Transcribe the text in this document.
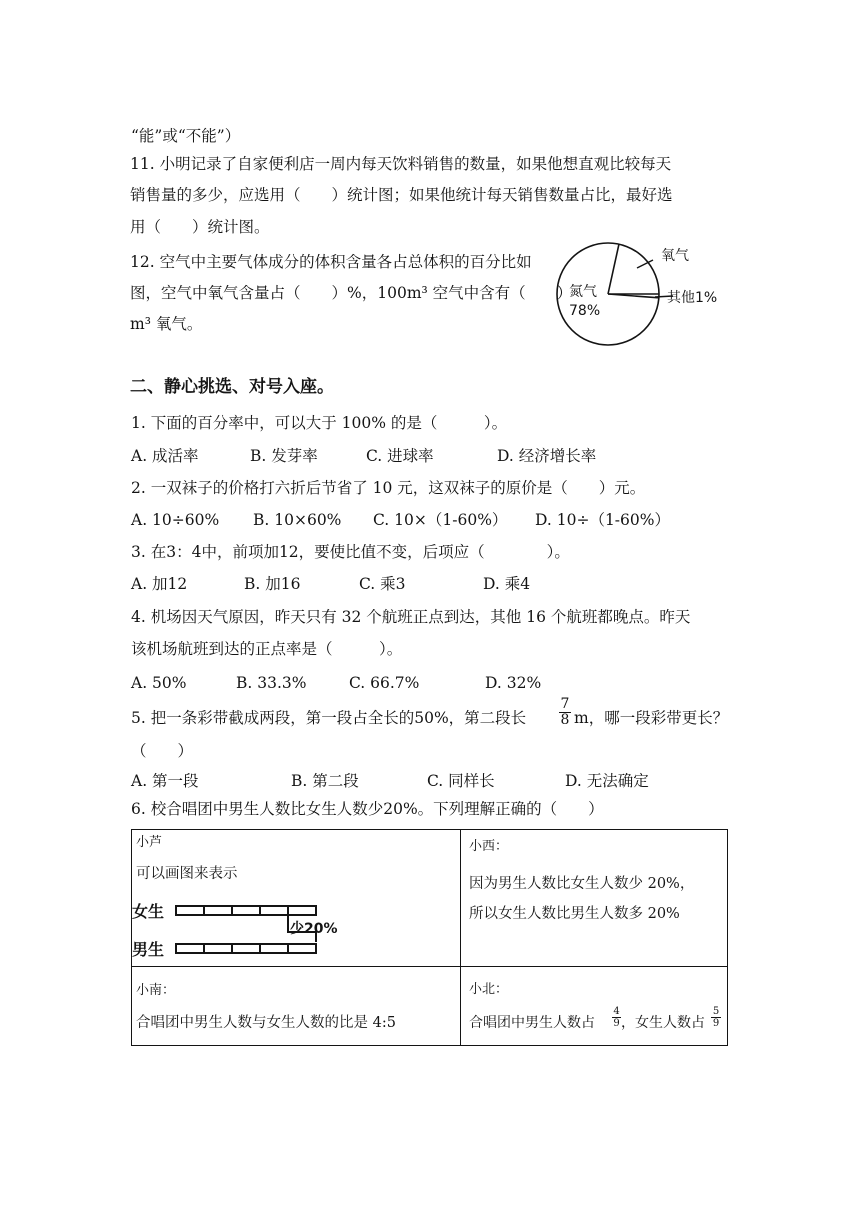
“能”或“不能”）
11. 小明记录了自家便利店一周内每天饮料销售的数量，如果他想直观比较每天
销售量的多少，应选用（　　）统计图；如果他统计每天销售数量占比，最好选
用（　　）统计图。
12. 空气中主要气体成分的体积含量各占总体积的百分比如
图，空气中氧气含量占（　　）%，100m³ 空气中含有（　　）
m³ 氧气。
氮气
78%
氧气
其他1%
二、静心挑选、对号入座。
1. 下面的百分率中，可以大于 100% 的是（　　　）。
A. 成活率	B. 发芽率	C. 进球率	D. 经济增长率
2. 一双袜子的价格打六折后节省了 10 元，这双袜子的原价是（　　）元。
A. 10÷60% B. 10×60% C. 10×（1-60%） D. 10÷（1-60%）
3. 在3：4中，前项加12，要使比值不变，后项应（　　　　）。
A. 加12	B. 加16	C. 乘3	D. 乘4
4. 机场因天气原因，昨天只有 32 个航班正点到达，其他 16 个航班都晚点。昨天
该机场航班到达的正点率是（　　　）。
A. 50%	B. 33.3%	C. 66.7%	D. 32%
5. 把一条彩带截成两段，第一段占全长的50%，第二段长
7
8 m，哪一段彩带更长？
（　　）
A. 第一段	B. 第二段	C. 同样长	D. 无法确定
6. 校合唱团中男生人数比女生人数少20%。下列理解正确的（　　）
小芦
可以画图来表示
女生
男生
少20%
小西：
因为男生人数比女生人数少 20%，
所以女生人数比男生人数多 20%
小南：
合唱团中男生人数与女生人数的比是 4:5
小北：
合唱团中男生人数占
4
9 ，女生人数占
5
9
